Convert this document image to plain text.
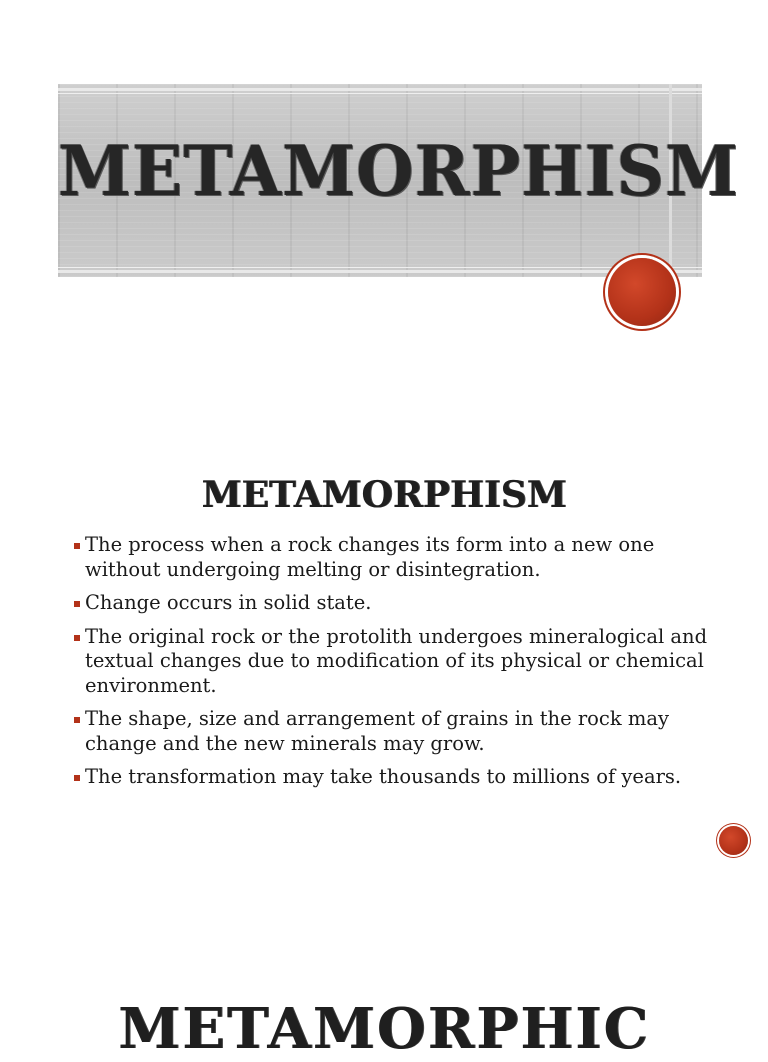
METAMORPHISM
METAMORPHISM
The process when a rock changes its form into a new one without undergoing melting or disintegration.
Change occurs in solid state.
The original rock or the protolith undergoes mineralogical and textual changes due to modification of its physical or chemical environment.
The shape, size and arrangement of grains in the rock may change and the new minerals may grow.
The transformation may take thousands to millions of years.
METAMORPHIC
